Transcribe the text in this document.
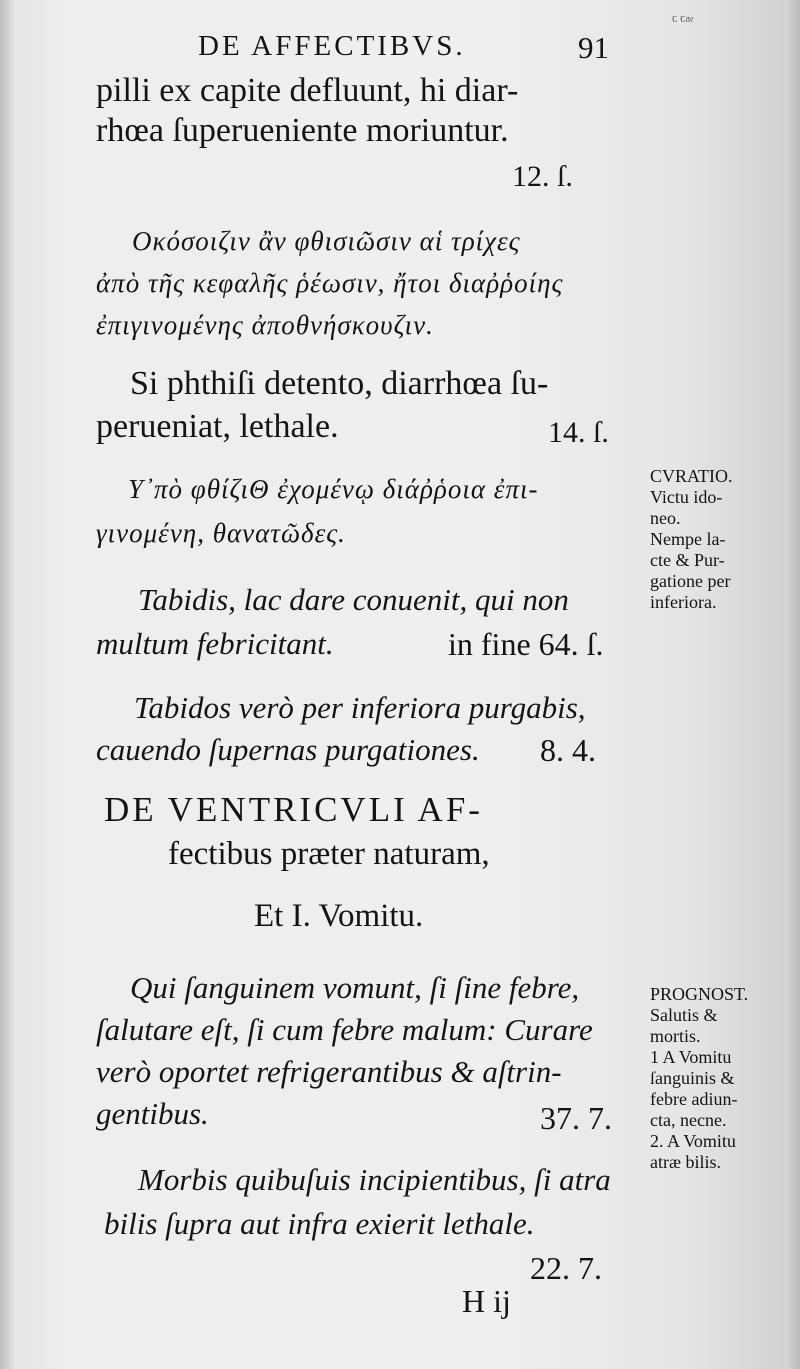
ꞇ ꞇ𝔞𝔢
DE AFFECTIBVS.	91
pilli ex capite defluunt, hi diar-
rhœa ſuperueniente moriuntur.
12. ſ.
Οκόσοιζιν ἂν φθισιῶσιν αἱ τρίχες
ἀπὸ τῆς κεφαλῆς ῥέωσιν, ἤτοι διαῤῥοίης
ἐπιγινομένης ἀποθνήσκουζιν.
Si phthiſi detento, diarrhœa ſu-
perueniat, lethale.	14. ſ.
Υ᾽πὸ φθίζιΘ ἐχομένῳ διάῤῥοια ἐπι-
γινομένη, θανατῶδες.
Tabidis, lac dare conuenit, qui non
multum febricitant.	in fine 64. ſ.
Tabidos verò per inferiora purgabis,
cauendo ſupernas purgationes. 8. 4.
DE VENTRICVLI AF-
fectibus præter naturam,
Et I. Vomitu.
Qui ſanguinem vomunt, ſi ſine febre,
ſalutare eſt, ſi cum febre malum: Curare
verò oportet refrigerantibus & aſtrin-
gentibus.	37. 7.
Morbis quibuſuis incipientibus, ſi atra
bilis ſupra aut infra exierit lethale.
22. 7.
H ij
CVRATIO.
Victu ido-
neo.
Nempe la-
cte & Pur-
gatione per
inferiora.
PROGNOST.
Salutis &
mortis.
1 A Vomitu
ſanguinis &
febre adiun-
cta, necne.
2. A Vomitu
atræ bilis.
